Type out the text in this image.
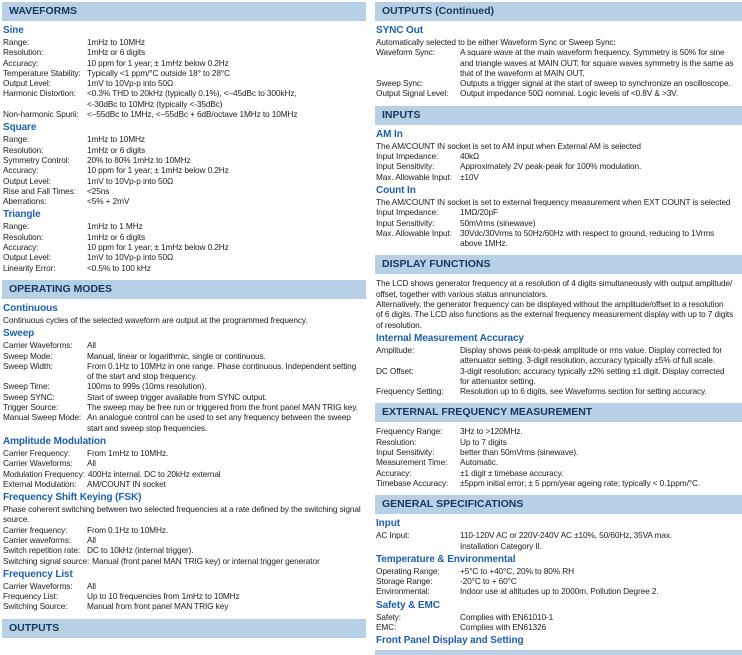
WAVEFORMS
Sine
Range:	1mHz to 10MHz
Resolution:	1mHz or 6 digits
Accuracy:	10 ppm for 1 year; ± 1mHz below 0.2Hz
Temperature Stability: Typically <1 ppm/°C outside 18° to 28°C
Output Level:	1mV to 10Vp-p into 50Ω
Harmonic Distortion:	<0.3% THD to 20kHz (typically 0.1%), <–45dBc to 300kHz,
<-30dBc to 10MHz (typically <-35dBc)
Non-harmonic Spurii:	<–55dBc to 1MHz, <–55dBc + 6dB/octave 1MHz to 10MHz
Square
Range:	1mHz to 10MHz
Resolution:	1mHz or 6 digits
Symmetry Control:	20% to 80% 1mHz to 10MHz
Accuracy:	10 ppm for 1 year; ± 1mHz below 0.2Hz
Output Level:	1mV to 10Vp-p into 50Ω
Rise and Fall Times:	<25ns
Aberrations:	<5% + 2mV
Triangle
Range:	1mHz to 1 MHz
Resolution:	1mHz or 6 digits
Accuracy:	10 ppm for 1 year; ± 1mHz below 0.2Hz
Output Level:	1mV to 10Vp-p into 50Ω
Linearity Error:	<0.5% to 100 kHz
OPERATING MODES
Continuous
Continuous cycles of the selected waveform are output at the programmed frequency.
Sweep
Carrier Waveforms:	All
Sweep Mode:	Manual, linear or logarithmic, single or continuous.
Sweep Width:	From 0.1Hz to 10MHz in one range. Phase continuous. Independent setting
of the start and stop frequency.
Sweep Time:	100ms to 999s (10ms resolution).
Sweep SYNC:	Start of sweep trigger available from SYNC output.
Trigger Source:	The sweep may be free run or triggered from the front panel MAN TRIG key.
Manual Sweep Mode: An analogue control can be used to set any frequency between the sweep
start and sweep stop frequencies.
Amplitude Modulation
Carrier Frequency:	From 1mHz to 10MHz.
Carrier Waveforms:	All
Modulation Frequency: 400Hz internal. DC to 20kHz external
External Modulation:	AM/COUNT IN socket
Frequency Shift Keying (FSK)
Phase coherent switching between two selected frequencies at a rate defined by the switching signal
source.
Carrier frequency:	From 0.1Hz to 10MHz.
Carrier waveforms:	All
Switch repetition rate: DC to 10kHz (internal trigger).
Switching signal source: Manual (front panel MAN TRIG key) or internal trigger generator
Frequency List
Carrier Waveforms:	All
Frequency List:	Up to 10 frequencies from 1mHz to 10MHz
Switching Source:	Manual from front panel MAN TRIG key
OUTPUTS
OUTPUTS (Continued)
SYNC Out
Automatically selected to be either Waveform Sync or Sweep Sync:
Waveform Sync:	A square wave at the main waveform frequency. Symmetry is 50% for sine
and triangle waves at MAIN OUT; for square waves symmetry is the same as
that of the waveform at MAIN OUT.
Sweep Sync:	Outputs a trigger signal at the start of sweep to synchronize an oscilloscope.
Output Signal Level:	Output impedance 50Ω nominal. Logic levels of <0.8V & >3V.
INPUTS
AM In
The AM/COUNT IN socket is set to AM input when External AM is selected
Input Impedance:	40kΩ
Input Sensitivity:	Approximately 2V peak-peak for 100% modulation.
Max. Allowable Input: ±10V
Count In
The AM/COUNT IN socket is set to external frequency measurement when EXT COUNT is selected
Input Impedance:	1MΩ/20pF
Input Sensitivity:	50mVrms (sinewave)
Max. Allowable Input: 30Vdc/30Vrms to 50Hz/60Hz with respect to ground, reducing to 1Vrms
above 1MHz.
DISPLAY FUNCTIONS
The LCD shows generator frequency at a resolution of 4 digits simultaneously with output amplitude/
offset, together with various status annunciators.
Alternatively, the generator frequency can be displayed without the amplitude/offset to a resolution
of 6 digits. The LCD also functions as the external frequency measurement display with up to 7 digits
of resolution.
Internal Measurement Accuracy
Amplitude:	Display shows peak-to-peak amplitude or rms value. Display corrected for
attenuator setting. 3-digit resolution, accuracy typically ±5% of full scale.
DC Offset:	3-digit resolution; accuracy typically ±2% setting ±1 digit. Display corrected
for attenuator setting.
Frequency Setting:	Resolution up to 6 digits, see Waveforms section for setting accuracy.
EXTERNAL FREQUENCY MEASUREMENT
Frequency Range:	3Hz to >120MHz.
Resolution:	Up to 7 digits
Input Sensitivity:	better than 50mVrms (sinewave).
Measurement Time:	Automatic.
Accuracy:	±1 digit ± timebase accuracy.
Timebase Accuracy:	±5ppm initial error; ± 5 ppm/year ageing rate; typically < 0.1ppm/°C.
GENERAL SPECIFICATIONS
Input
AC Input:	110-120V AC or 220V-240V AC ±10%, 50/60Hz, 35VA max.
Installation Category II.
Temperature & Environmental
Operating Range:	+5°C to +40°C, 20% to 80% RH
Storage Range:	-20°C to + 60°C
Environmental:	Indoor use at altitudes up to 2000m, Pollution Degree 2.
Safety & EMC
Safety:	Complies with EN61010-1
EMC:	Complies with EN61326
Front Panel Display and Setting
